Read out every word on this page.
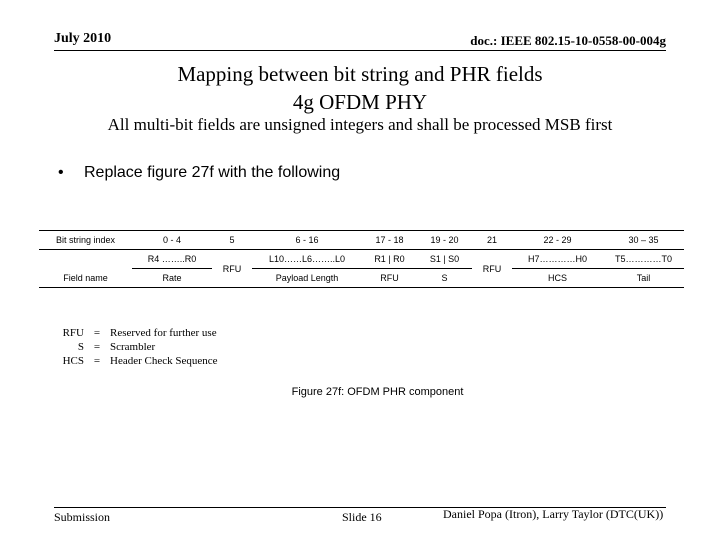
July 2010	doc.: IEEE 802.15-10-0558-00-004g
Mapping between bit string and PHR fields
4g OFDM PHY
All multi-bit fields are unsigned integers and shall be processed MSB first
• Replace figure 27f with the following
Bit string index	0 - 4	5	6 - 16	17 - 18	19 - 20	21	22 - 29	30 – 35
	R4 ……..R0	RFU	L10……L6……..L0	R1 | R0	S1 | S0	RFU	H7…………H0	T5…………T0
Field name	Rate		Payload Length	RFU	S		HCS	Tail
RFU = Reserved for further use
S = Scrambler
HCS = Header Check Sequence
Figure 27f: OFDM PHR component
Submission	Slide 16	Daniel Popa (Itron), Larry Taylor (DTC(UK))
